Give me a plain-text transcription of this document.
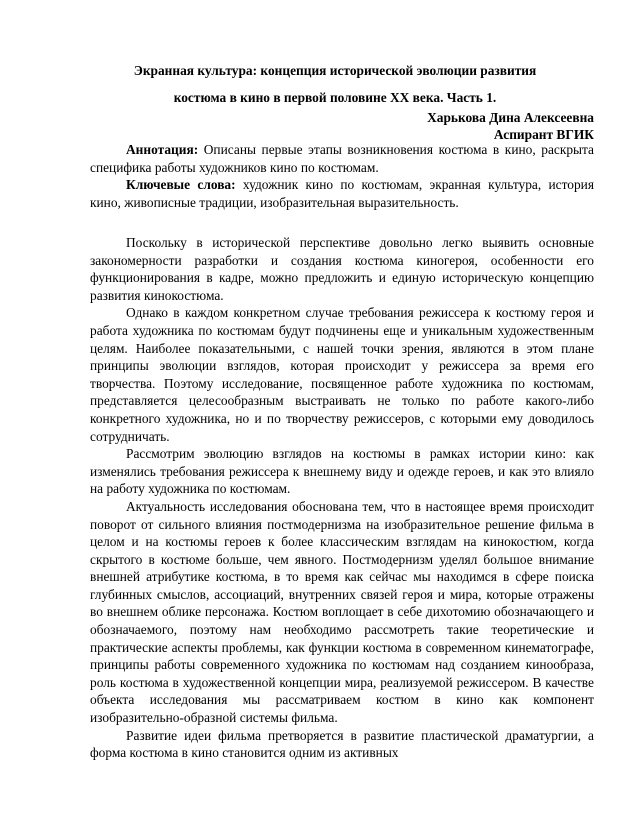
Экранная культура: концепция исторической эволюции развития

костюма в кино в первой половине XX века. Часть 1.

Харькова Дина Алексеевна
Аспирант ВГИК

Аннотация: Описаны первые этапы возникновения костюма в кино, раскрыта специфика работы художников кино по костюмам.

Ключевые слова: художник кино по костюмам, экранная культура, история кино, живописные традиции, изобразительная выразительность.

Поскольку в исторической перспективе довольно легко выявить основные закономерности разработки и создания костюма киногероя, особенности его функционирования в кадре, можно предложить и единую историческую концепцию развития кинокостюма.

Однако в каждом конкретном случае требования режиссера к костюму героя и работа художника по костюмам будут подчинены еще и уникальным художественным целям. Наиболее показательными, с нашей точки зрения, являются в этом плане принципы эволюции взглядов, которая происходит у режиссера за время его творчества. Поэтому исследование, посвященное работе художника по костюмам, представляется целесообразным выстраивать не только по работе какого-либо конкретного художника, но и по творчеству режиссеров, с которыми ему доводилось сотрудничать.

Рассмотрим эволюцию взглядов на костюмы в рамках истории кино: как изменялись требования режиссера к внешнему виду и одежде героев, и как это влияло на работу художника по костюмам.

Актуальность исследования обоснована тем, что в настоящее время происходит поворот от сильного влияния постмодернизма на изобразительное решение фильма в целом и на костюмы героев к более классическим взглядам на кинокостюм, когда скрытого в костюме больше, чем явного. Постмодернизм уделял большое внимание внешней атрибутике костюма, в то время как сейчас мы находимся в сфере поиска глубинных смыслов, ассоциаций, внутренних связей героя и мира, которые отражены во внешнем облике персонажа. Костюм воплощает в себе дихотомию обозначающего и обозначаемого, поэтому нам необходимо рассмотреть такие теоретические и практические аспекты проблемы, как функции костюма в современном кинематографе, принципы работы современного художника по костюмам над созданием кинообраза, роль костюма в художественной концепции мира, реализуемой режиссером. В качестве объекта исследования мы рассматриваем костюм в кино как компонент изобразительно-образной системы фильма.

Развитие идеи фильма претворяется в развитие пластической драматургии, а форма костюма в кино становится одним из активных
